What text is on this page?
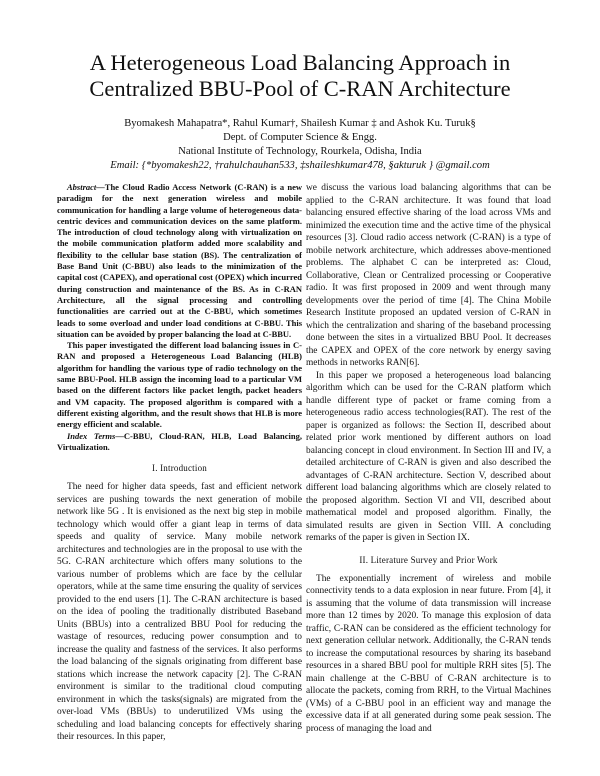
A Heterogeneous Load Balancing Approach in Centralized BBU-Pool of C-RAN Architecture
Byomakesh Mahapatra*, Rahul Kumar†, Shailesh Kumar ‡ and Ashok Ku. Turuk§
Dept. of Computer Science & Engg.
National Institute of Technology, Rourkela, Odisha, India
Email: {*byomakesh22, †rahulchauhan533, ‡shaileshkumar478, §akturuk } @gmail.com

Abstract—The Cloud Radio Access Network (C-RAN) is a new paradigm for the next generation wireless and mobile communication for handling a large volume of heterogeneous data-centric devices and communication devices on the same platform. The introduction of cloud technology along with virtualization on the mobile communication platform added more scalability and flexibility to the cellular base station (BS). The centralization of Base Band Unit (C-BBU) also leads to the minimization of the capital cost (CAPEX), and operational cost (OPEX) which incurred during construction and maintenance of the BS. As in C-RAN Architecture, all the signal processing and controlling functionalities are carried out at the C-BBU, which sometimes leads to some overload and under load conditions at C-BBU. This situation can be avoided by proper balancing the load at C-BBU.

This paper investigated the different load balancing issues in C-RAN and proposed a Heterogeneous Load Balancing (HLB) algorithm for handling the various type of radio technology on the same BBU-Pool. HLB assign the incoming load to a particular VM based on the different factors like packet length, packet headers and VM capacity. The proposed algorithm is compared with a different existing algorithm, and the result shows that HLB is more energy efficient and scalable.

Index Terms—C-BBU, Cloud-RAN, HLB, Load Balancing, Virtualization.

I. Introduction

The need for higher data speeds, fast and efficient network services are pushing towards the next generation of mobile network like 5G . It is envisioned as the next big step in mobile technology which would offer a giant leap in terms of data speeds and quality of service. Many mobile network architectures and technologies are in the proposal to use with the 5G. C-RAN architecture which offers many solutions to the various number of problems which are face by the cellular operators, while at the same time ensuring the quality of services provided to the end users [1]. The C-RAN architecture is based on the idea of pooling the traditionally distributed Baseband Units (BBUs) into a centralized BBU Pool for reducing the wastage of resources, reducing power consumption and to increase the quality and fastness of the services. It also performs the load balancing of the signals originating from different base stations which increase the network capacity [2]. The C-RAN environment is similar to the traditional cloud computing environment in which the tasks(signals) are migrated from the over-load VMs (BBUs) to underutilized VMs using the scheduling and load balancing concepts for effectively sharing their resources. In this paper,

we discuss the various load balancing algorithms that can be applied to the C-RAN architecture. It was found that load balancing ensured effective sharing of the load across VMs and minimized the execution time and the active time of the physical resources [3]. Cloud radio access network (C-RAN) is a type of mobile network architecture, which addresses above-mentioned problems. The alphabet C can be interpreted as: Cloud, Collaborative, Clean or Centralized processing or Cooperative radio. It was first proposed in 2009 and went through many developments over the period of time [4]. The China Mobile Research Institute proposed an updated version of C-RAN in which the centralization and sharing of the baseband processing done between the sites in a virtualized BBU Pool. It decreases the CAPEX and OPEX of the core network by energy saving methods in networks RAN[6].

In this paper we proposed a heterogeneous load balancing algorithm which can be used for the C-RAN platform which handle different type of packet or frame coming from a heterogeneous radio access technologies(RAT). The rest of the paper is organized as follows: the Section II, described about related prior work mentioned by different authors on load balancing concept in cloud environment. In Section III and IV, a detailed architecture of C-RAN is given and also described the advantages of C-RAN architecture. Section V, described about different load balancing algorithms which are closely related to the proposed algorithm. Section VI and VII, described about mathematical model and proposed algorithm. Finally, the simulated results are given in Section VIII. A concluding remarks of the paper is given in Section IX.

II. Literature Survey and Prior Work

The exponentially increment of wireless and mobile connectivity tends to a data explosion in near future. From [4], it is assuming that the volume of data transmission will increase more than 12 times by 2020. To manage this explosion of data traffic, C-RAN can be considered as the efficient technology for next generation cellular network. Additionally, the C-RAN tends to increase the computational resources by sharing its baseband resources in a shared BBU pool for multiple RRH sites [5]. The main challenge at the C-BBU of C-RAN architecture is to allocate the packets, coming from RRH, to the Virtual Machines (VMs) of a C-BBU pool in an efficient way and manage the excessive data if at all generated during some peak session. The process of managing the load and
